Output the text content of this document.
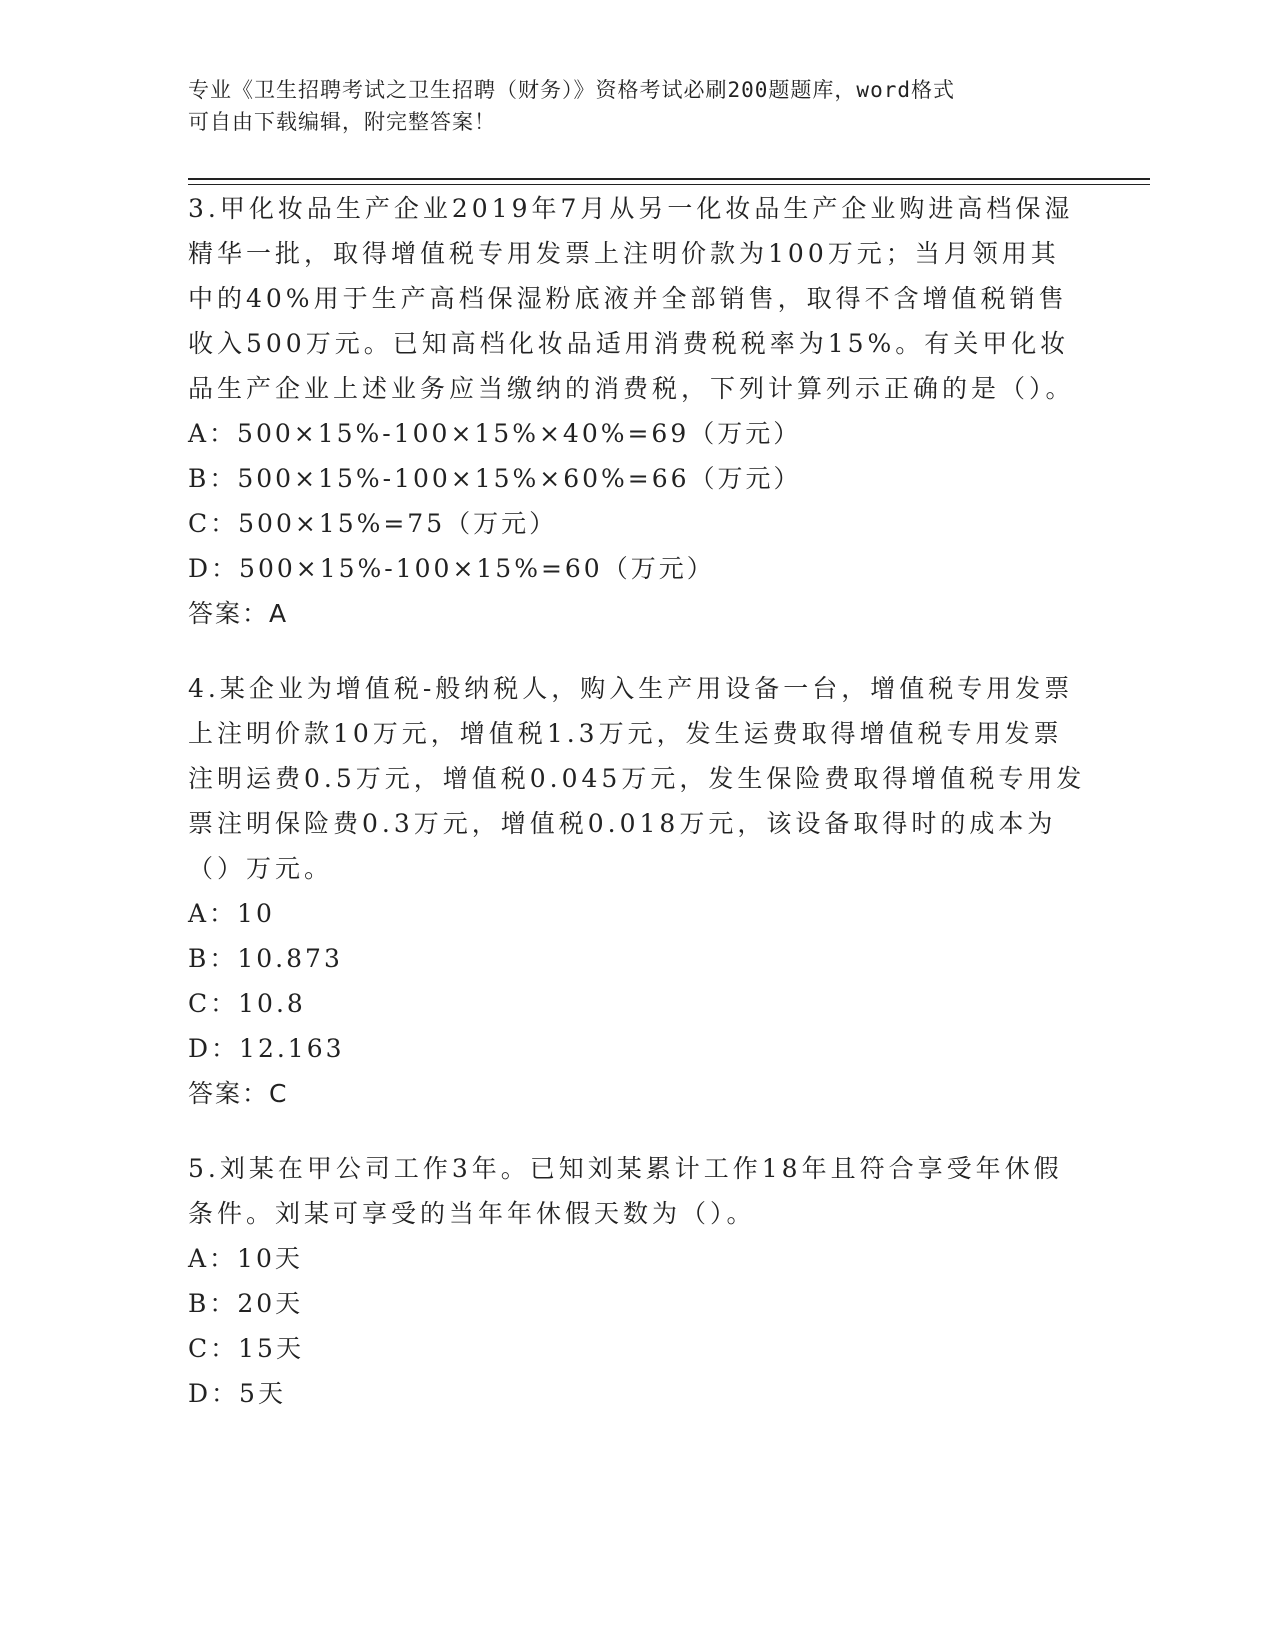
专业《卫生招聘考试之卫生招聘（财务）》资格考试必刷200题题库，word格式
可自由下载编辑，附完整答案！

3.甲化妆品生产企业2019年7月从另一化妆品生产企业购进高档保湿精华一批，取得增值税专用发票上注明价款为100万元；当月领用其中的40%用于生产高档保湿粉底液并全部销售，取得不含增值税销售收入500万元。已知高档化妆品适用消费税税率为15%。有关甲化妆品生产企业上述业务应当缴纳的消费税，下列计算列示正确的是（）。

A：500×15%-100×15%×40%=69（万元）

B：500×15%-100×15%×60%=66（万元）

C：500×15%=75（万元）

D：500×15%-100×15%=60（万元）

答案：A

4.某企业为增值税-般纳税人，购入生产用设备一台，增值税专用发票上注明价款10万元，增值税1.3万元，发生运费取得增值税专用发票注明运费0.5万元，增值税0.045万元，发生保险费取得增值税专用发票注明保险费0.3万元，增值税0.018万元，该设备取得时的成本为（）万元。

A：10

B：10.873

C：10.8

D：12.163

答案：C

5.刘某在甲公司工作3年。已知刘某累计工作18年且符合享受年休假条件。刘某可享受的当年年休假天数为（）。

A：10天

B：20天

C：15天

D：5天
